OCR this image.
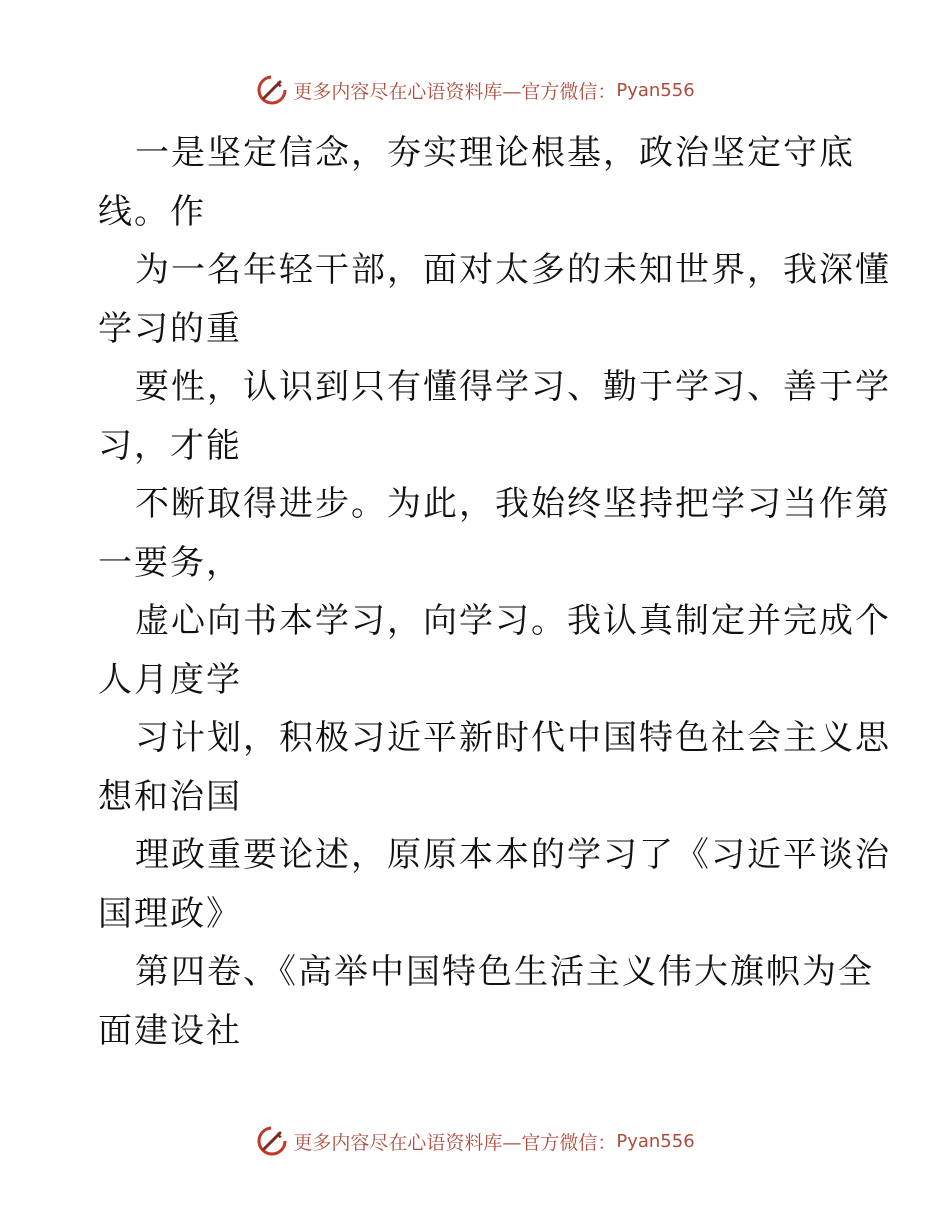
更多内容尽在心语资料库—官方微信： Pyan556
一是坚定信念，夯实理论根基，政治坚定守底
线。作
为一名年轻干部，面对太多的未知世界，我深懂
学习的重
要性，认识到只有懂得学习、勤于学习、善于学
习，才能
不断取得进步。为此，我始终坚持把学习当作第
一要务，
虚心向书本学习，向学习。我认真制定并完成个
人月度学
习计划，积极习近平新时代中国特色社会主义思
想和治国
理政重要论述，原原本本的学习了《习近平谈治
国理政》
第四卷、《高举中国特色生活主义伟大旗帜为全
面建设社
更多内容尽在心语资料库—官方微信： Pyan556
